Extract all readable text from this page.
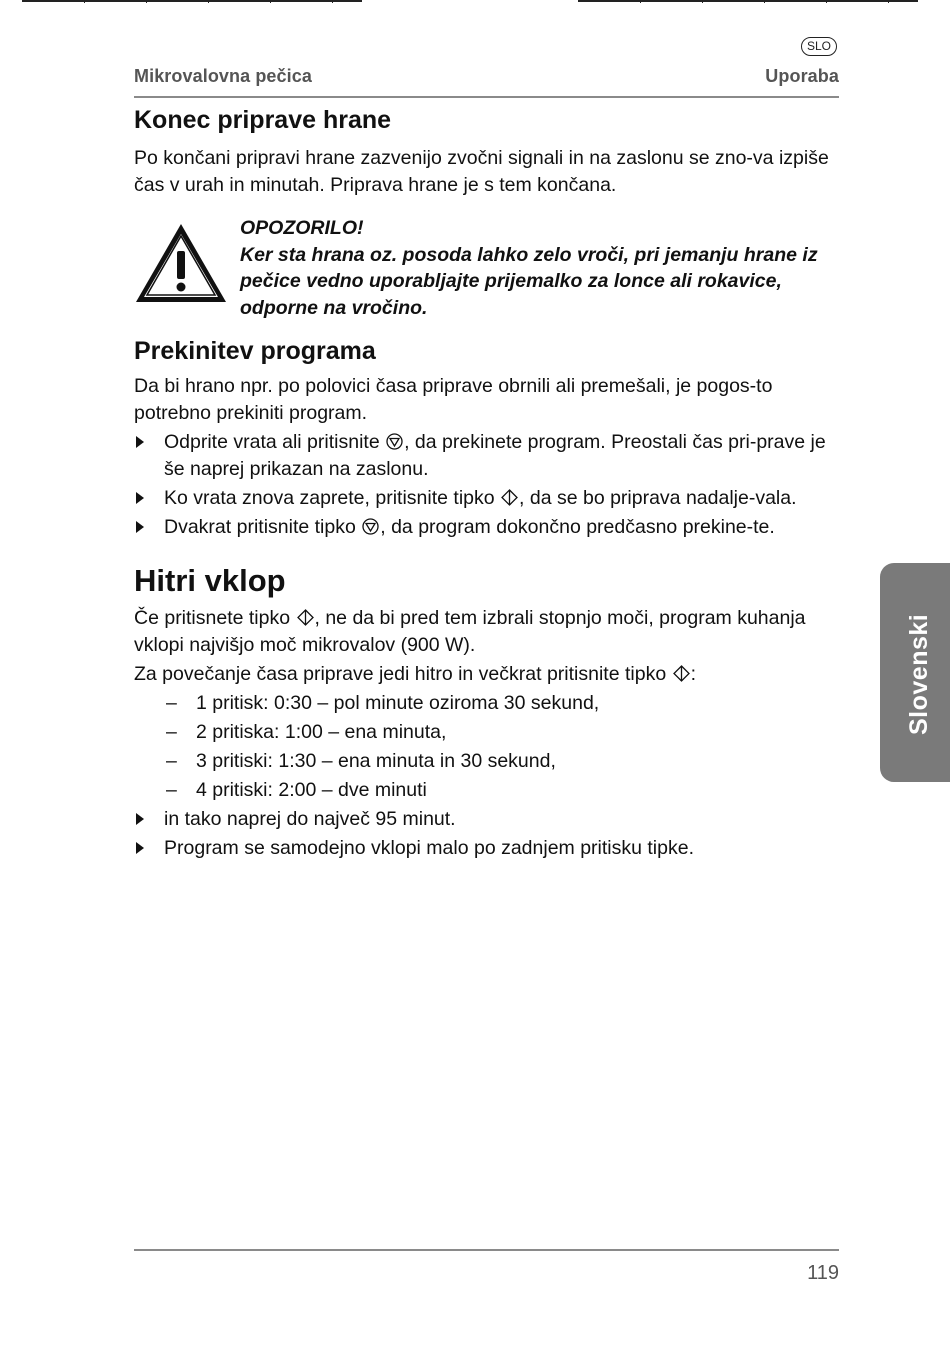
SLO
Mikrovalovna pečica	Uporaba
Konec priprave hrane

Po končani pripravi hrane zazvenijo zvočni signali in na zaslonu se zno-va izpiše čas v urah in minutah. Priprava hrane je s tem končana.

OPOZORILO!
Ker sta hrana oz. posoda lahko zelo vroči, pri jemanju hrane iz pečice vedno uporabljajte prijemalko za lonce ali rokavice, odporne na vročino.
Prekinitev programa

Da bi hrano npr. po polovici časa priprave obrnili ali premešali, je pogos-to potrebno prekiniti program.

Odprite vrata ali pritisnite , da prekinete program. Preostali čas pri-prave je še naprej prikazan na zaslonu.
Ko vrata znova zaprete, pritisnite tipko , da se bo priprava nadalje-vala.
Dvakrat pritisnite tipko , da program dokončno predčasno prekine-te.
Hitri vklop

Če pritisnete tipko , ne da bi pred tem izbrali stopnjo moči, program kuhanja vklopi najvišjo moč mikrovalov (900 W).

Za povečanje časa priprave jedi hitro in večkrat pritisnite tipko :

– 1 pritisk: 0:30 – pol minute oziroma 30 sekund,
– 2 pritiska: 1:00 – ena minuta,
– 3 pritiski: 1:30 – ena minuta in 30 sekund,
– 4 pritiski: 2:00 – dve minuti
in tako naprej do največ 95 minut.
Program se samodejno vklopi malo po zadnjem pritisku tipke.
Slovenski
119
